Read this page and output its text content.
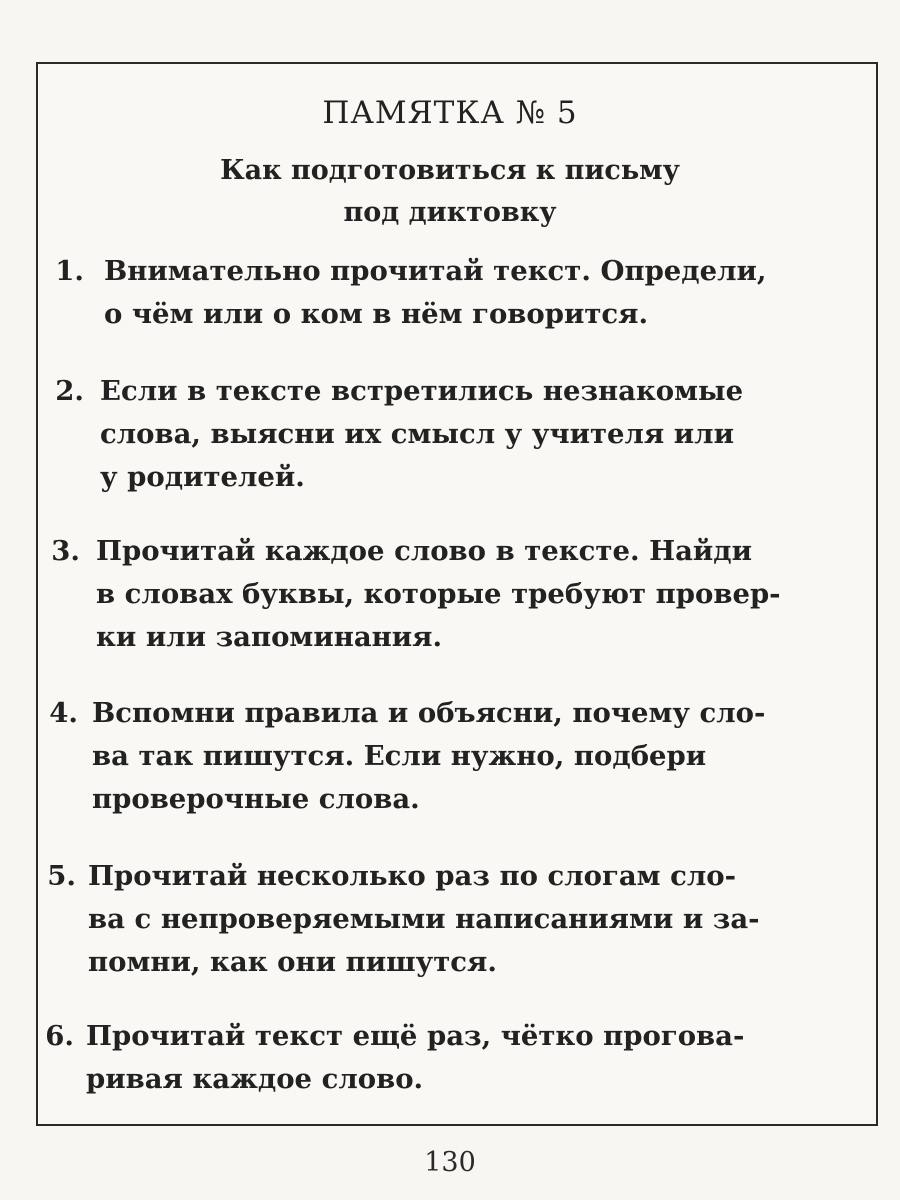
ПАМЯТКА № 5
Как подготовиться к письму
под диктовку
1. Внимательно прочитай текст. Определи,
о чём или о ком в нём говорится.
2. Если в тексте встретились незнакомые
слова, выясни их смысл у учителя или
у родителей.
3. Прочитай каждое слово в тексте. Найди
в словах буквы, которые требуют провер-
ки или запоминания.
4. Вспомни правила и объясни, почему сло-
ва так пишутся. Если нужно, подбери
проверочные слова.
5. Прочитай несколько раз по слогам сло-
ва с непроверяемыми написаниями и за-
помни, как они пишутся.
6. Прочитай текст ещё раз, чётко прогова-
ривая каждое слово.
130
